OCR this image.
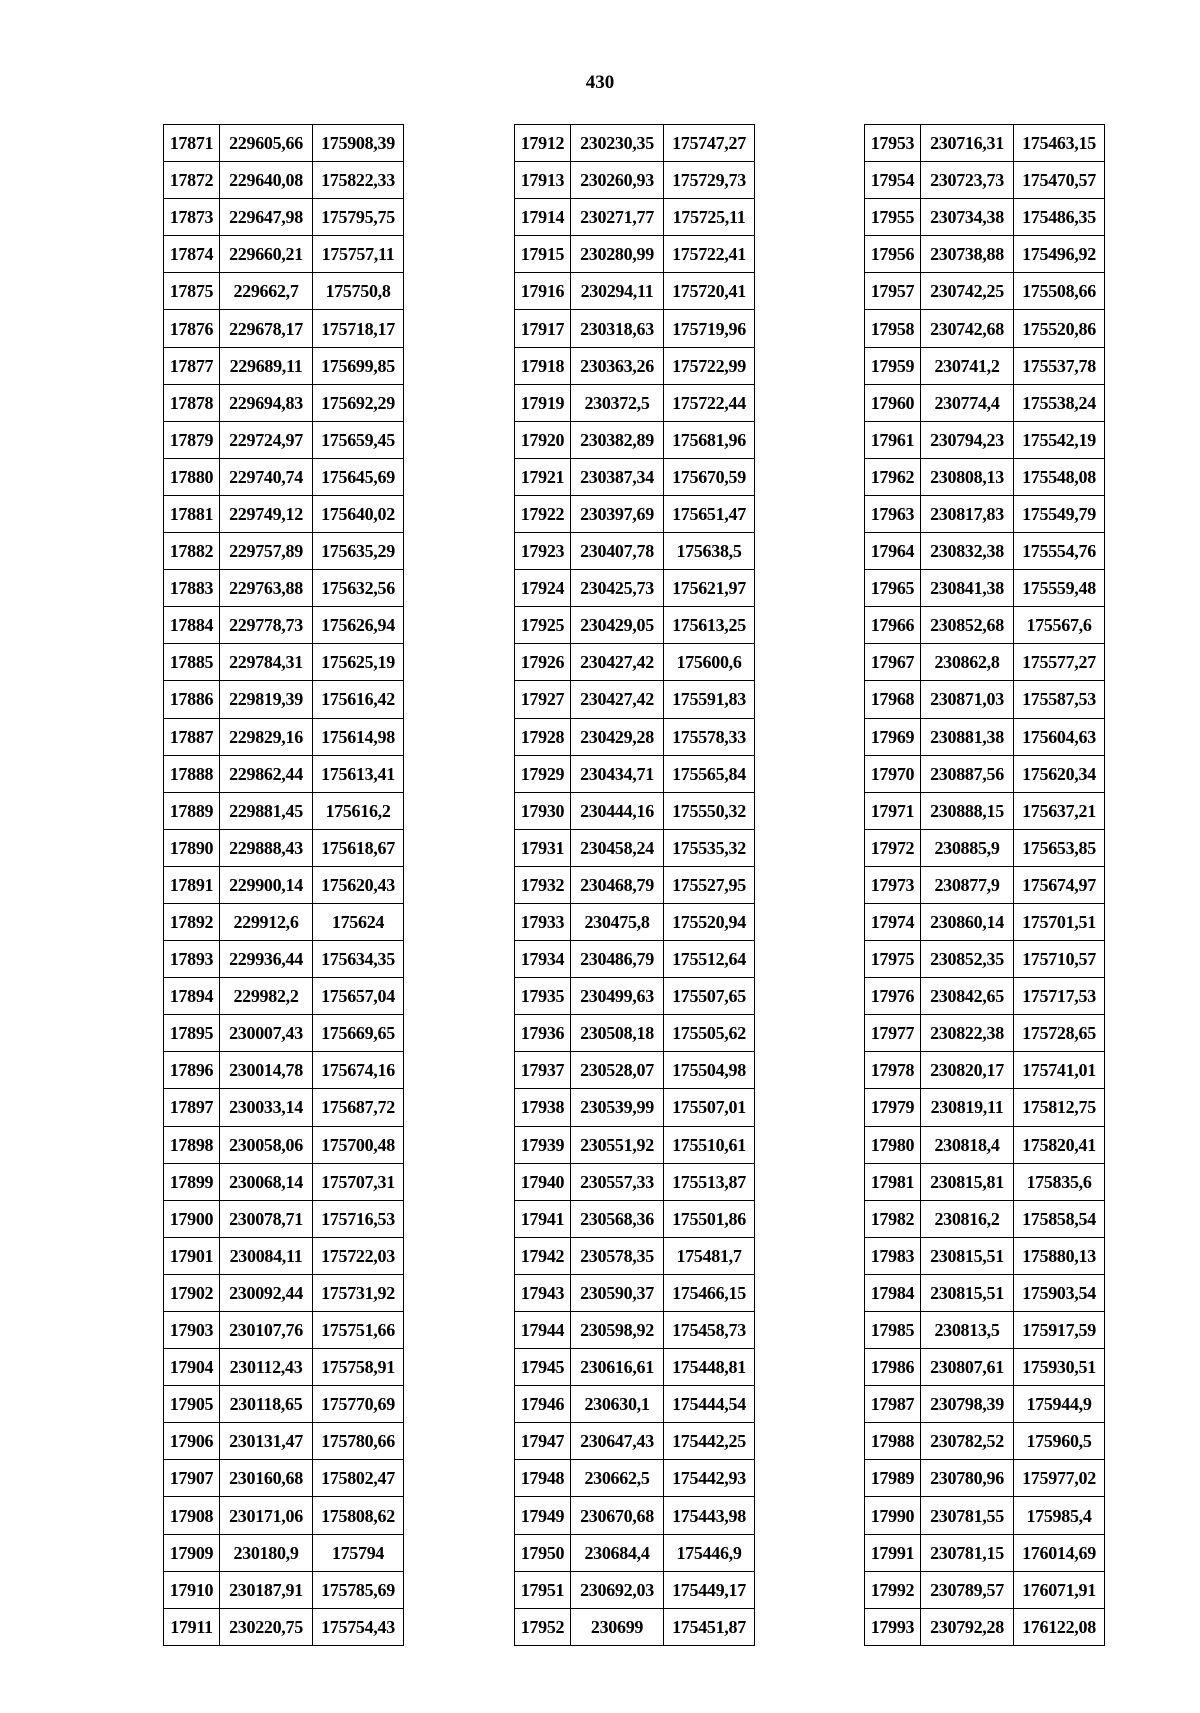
430
17871	229605,66	175908,39
17872	229640,08	175822,33
17873	229647,98	175795,75
17874	229660,21	175757,11
17875	229662,7	175750,8
17876	229678,17	175718,17
17877	229689,11	175699,85
17878	229694,83	175692,29
17879	229724,97	175659,45
17880	229740,74	175645,69
17881	229749,12	175640,02
17882	229757,89	175635,29
17883	229763,88	175632,56
17884	229778,73	175626,94
17885	229784,31	175625,19
17886	229819,39	175616,42
17887	229829,16	175614,98
17888	229862,44	175613,41
17889	229881,45	175616,2
17890	229888,43	175618,67
17891	229900,14	175620,43
17892	229912,6	175624
17893	229936,44	175634,35
17894	229982,2	175657,04
17895	230007,43	175669,65
17896	230014,78	175674,16
17897	230033,14	175687,72
17898	230058,06	175700,48
17899	230068,14	175707,31
17900	230078,71	175716,53
17901	230084,11	175722,03
17902	230092,44	175731,92
17903	230107,76	175751,66
17904	230112,43	175758,91
17905	230118,65	175770,69
17906	230131,47	175780,66
17907	230160,68	175802,47
17908	230171,06	175808,62
17909	230180,9	175794
17910	230187,91	175785,69
17911	230220,75	175754,43
17912	230230,35	175747,27
17913	230260,93	175729,73
17914	230271,77	175725,11
17915	230280,99	175722,41
17916	230294,11	175720,41
17917	230318,63	175719,96
17918	230363,26	175722,99
17919	230372,5	175722,44
17920	230382,89	175681,96
17921	230387,34	175670,59
17922	230397,69	175651,47
17923	230407,78	175638,5
17924	230425,73	175621,97
17925	230429,05	175613,25
17926	230427,42	175600,6
17927	230427,42	175591,83
17928	230429,28	175578,33
17929	230434,71	175565,84
17930	230444,16	175550,32
17931	230458,24	175535,32
17932	230468,79	175527,95
17933	230475,8	175520,94
17934	230486,79	175512,64
17935	230499,63	175507,65
17936	230508,18	175505,62
17937	230528,07	175504,98
17938	230539,99	175507,01
17939	230551,92	175510,61
17940	230557,33	175513,87
17941	230568,36	175501,86
17942	230578,35	175481,7
17943	230590,37	175466,15
17944	230598,92	175458,73
17945	230616,61	175448,81
17946	230630,1	175444,54
17947	230647,43	175442,25
17948	230662,5	175442,93
17949	230670,68	175443,98
17950	230684,4	175446,9
17951	230692,03	175449,17
17952	230699	175451,87
17953	230716,31	175463,15
17954	230723,73	175470,57
17955	230734,38	175486,35
17956	230738,88	175496,92
17957	230742,25	175508,66
17958	230742,68	175520,86
17959	230741,2	175537,78
17960	230774,4	175538,24
17961	230794,23	175542,19
17962	230808,13	175548,08
17963	230817,83	175549,79
17964	230832,38	175554,76
17965	230841,38	175559,48
17966	230852,68	175567,6
17967	230862,8	175577,27
17968	230871,03	175587,53
17969	230881,38	175604,63
17970	230887,56	175620,34
17971	230888,15	175637,21
17972	230885,9	175653,85
17973	230877,9	175674,97
17974	230860,14	175701,51
17975	230852,35	175710,57
17976	230842,65	175717,53
17977	230822,38	175728,65
17978	230820,17	175741,01
17979	230819,11	175812,75
17980	230818,4	175820,41
17981	230815,81	175835,6
17982	230816,2	175858,54
17983	230815,51	175880,13
17984	230815,51	175903,54
17985	230813,5	175917,59
17986	230807,61	175930,51
17987	230798,39	175944,9
17988	230782,52	175960,5
17989	230780,96	175977,02
17990	230781,55	175985,4
17991	230781,15	176014,69
17992	230789,57	176071,91
17993	230792,28	176122,08
